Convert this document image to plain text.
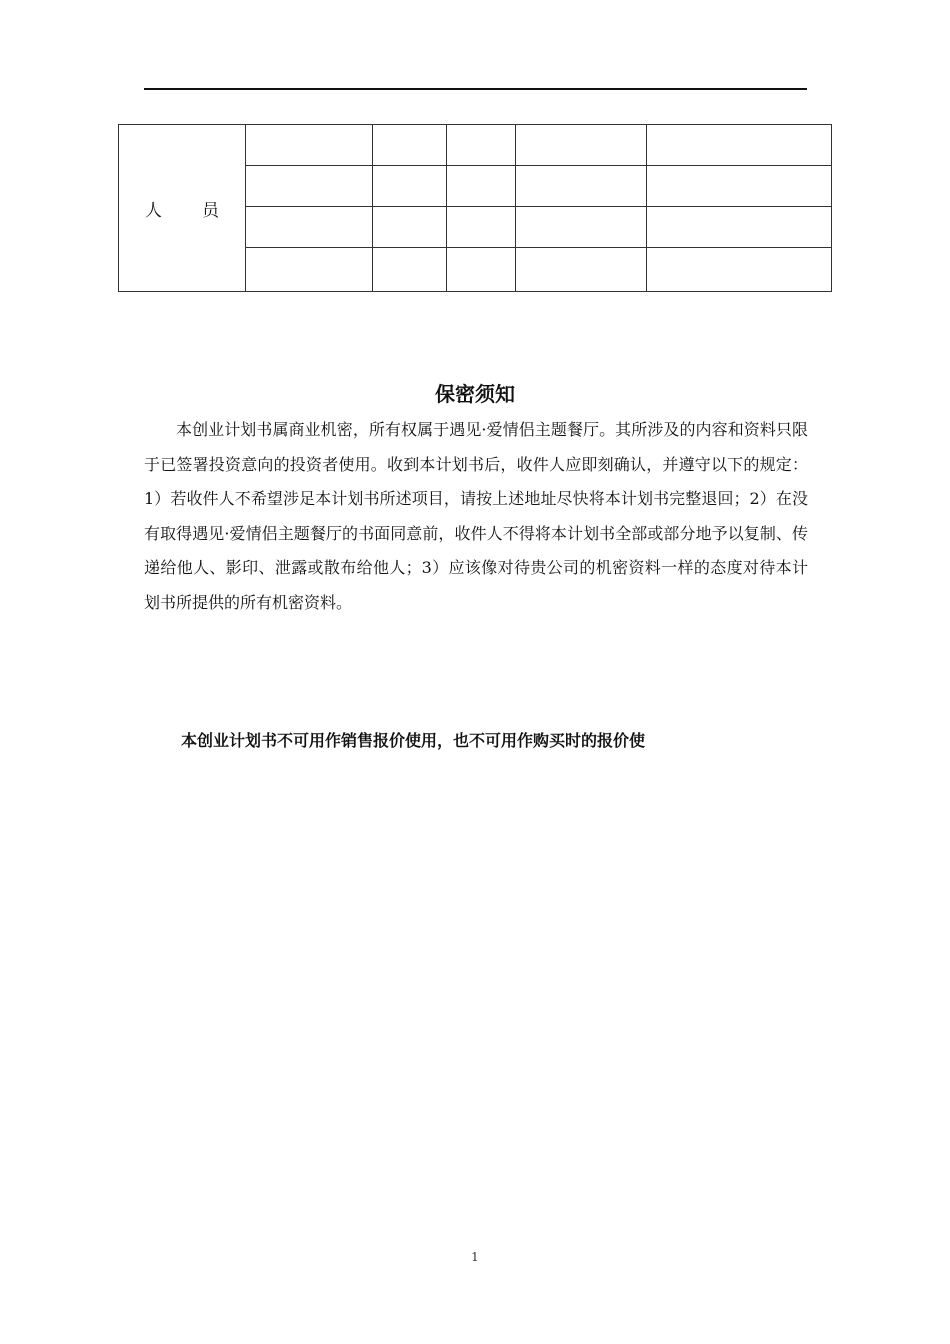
人员					

保密须知

本创业计划书属商业机密，所有权属于遇见·爱情侣主题餐厅。其所涉及的内容和资料只限于已签署投资意向的投资者使用。收到本计划书后，收件人应即刻确认，并遵守以下的规定：1）若收件人不希望涉足本计划书所述项目，请按上述地址尽快将本计划书完整退回；2）在没有取得遇见·爱情侣主题餐厅的书面同意前，收件人不得将本计划书全部或部分地予以复制、传递给他人、影印、泄露或散布给他人；3）应该像对待贵公司的机密资料一样的态度对待本计划书所提供的所有机密资料。

本创业计划书不可用作销售报价使用，也不可用作购买时的报价使

1
